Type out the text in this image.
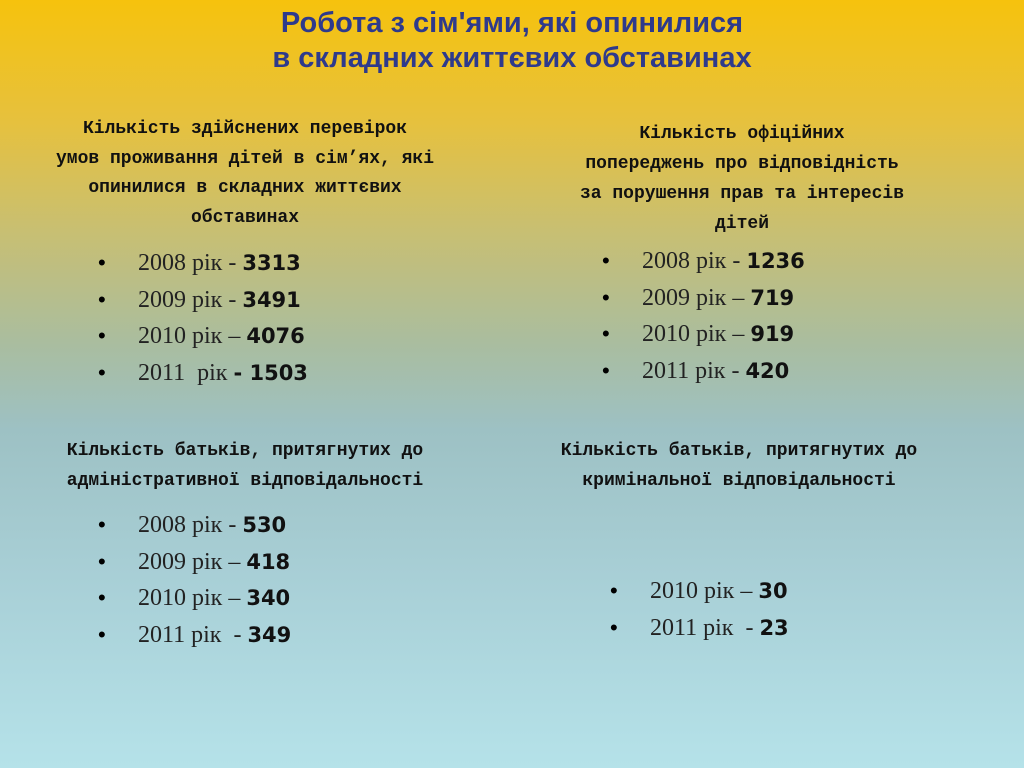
Робота з сім'ями, які опинилися
в складних життєвих обставинах
Кількість здійснених перевірок
умов проживання дітей в сім’ях, які
опинилися в складних життєвих
обставинах
• 2008 рік - 3313
• 2009 рік - 3491
• 2010 рік – 4076
• 2011  рік - 1503
Кількість офіційних
попереджень про відповідність
за порушення прав та інтересів
дітей
• 2008 рік - 1236
• 2009 рік – 719
• 2010 рік – 919
• 2011 рік - 420
Кількість батьків, притягнутих до
адміністративної відповідальності
• 2008 рік - 530
• 2009 рік – 418
• 2010 рік – 340
• 2011 рік  - 349
Кількість батьків, притягнутих до
кримінальної відповідальності
• 2010 рік – 30
• 2011 рік  - 23
